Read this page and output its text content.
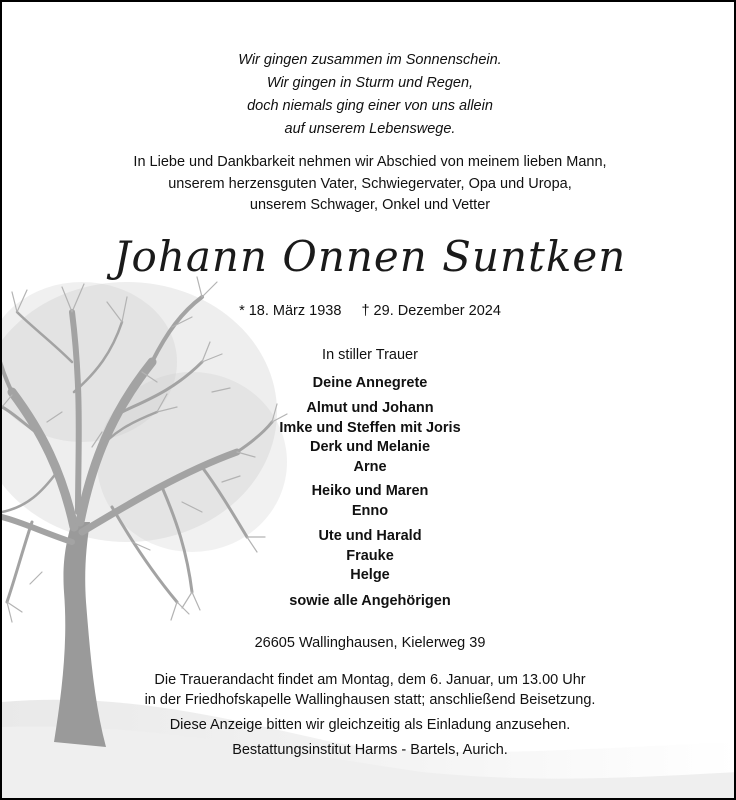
Wir gingen zusammen im Sonnenschein.
Wir gingen in Sturm und Regen,
doch niemals ging einer von uns allein
auf unserem Lebenswege.
In Liebe und Dankbarkeit nehmen wir Abschied von meinem lieben Mann,
unserem herzensguten Vater, Schwiegervater, Opa und Uropa,
unserem Schwager, Onkel und Vetter
Johann Onnen Suntken
* 18. März 1938 † 29. Dezember 2024
In stiller Trauer
Deine Annegrete
Almut und Johann
Imke und Steffen mit Joris
Derk und Melanie
Arne
Heiko und Maren
Enno
Ute und Harald
Frauke
Helge
sowie alle Angehörigen
26605 Wallinghausen, Kielerweg 39
Die Trauerandacht findet am Montag, dem 6. Januar, um 13.00 Uhr
in der Friedhofskapelle Wallinghausen statt; anschließend Beisetzung.
Diese Anzeige bitten wir gleichzeitig als Einladung anzusehen.
Bestattungsinstitut Harms - Bartels, Aurich.
